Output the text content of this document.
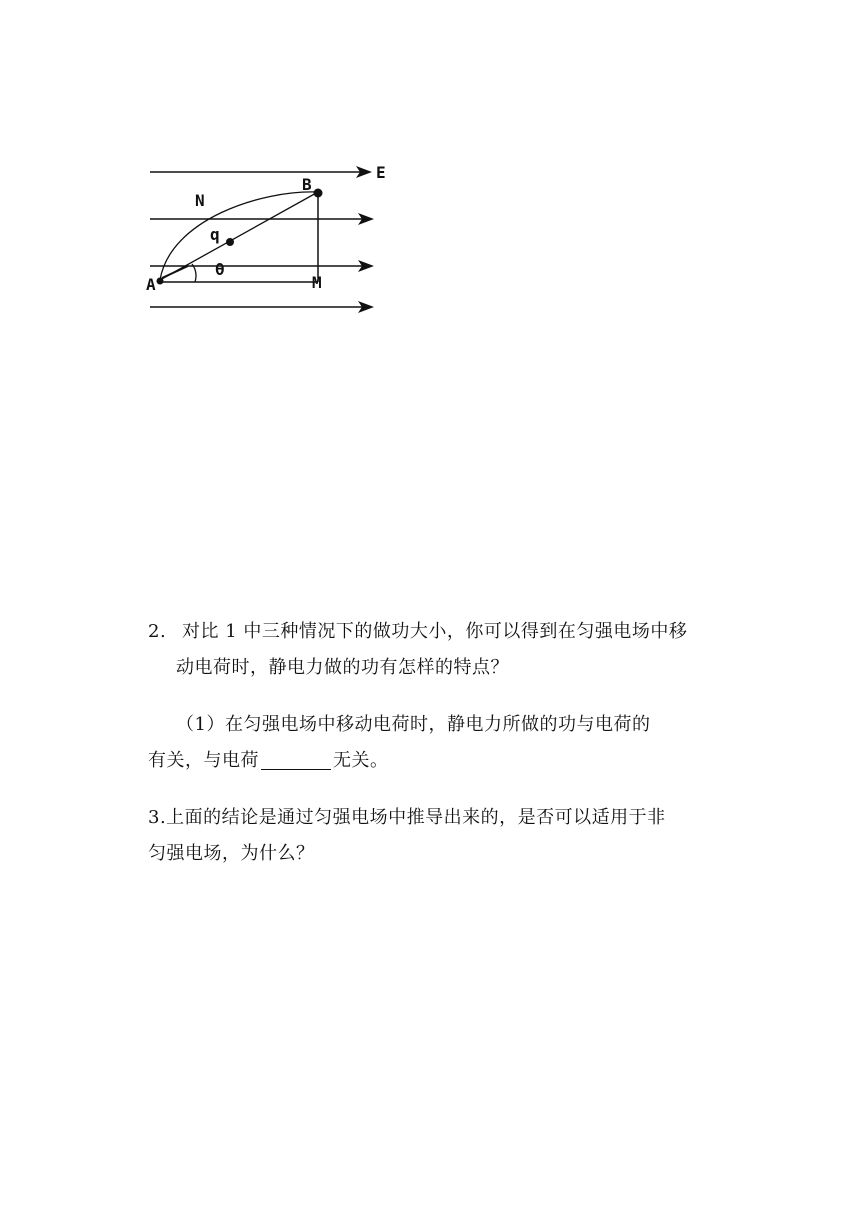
E
N
B
q
θ
A	M
2. 对比 1 中三种情况下的做功大小，你可以得到在匀强电场中移
动电荷时，静电力做的功有怎样的特点？
（1）在匀强电场中移动电荷时，静电力所做的功与电荷的
有关，与电荷	无关。
3.上面的结论是通过匀强电场中推导出来的，是否可以适用于非
匀强电场，为什么？
